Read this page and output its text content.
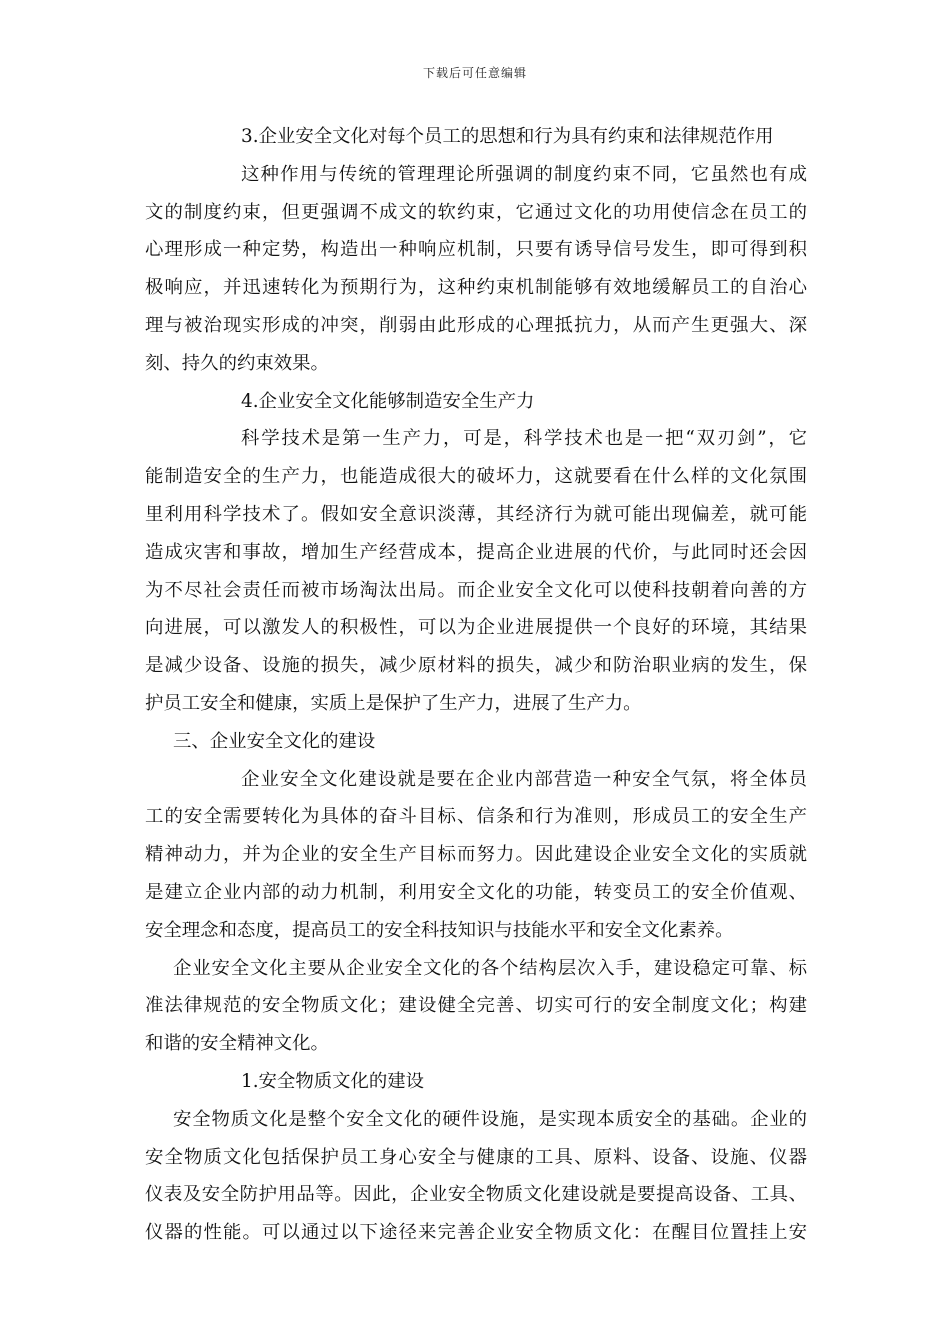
下载后可任意编辑
3.企业安全文化对每个员工的思想和行为具有约束和法律规范作用
这种作用与传统的管理理论所强调的制度约束不同，它虽然也有成
文的制度约束，但更强调不成文的软约束，它通过文化的功用使信念在员工的
心理形成一种定势，构造出一种响应机制，只要有诱导信号发生，即可得到积
极响应，并迅速转化为预期行为，这种约束机制能够有效地缓解员工的自治心
理与被治现实形成的冲突，削弱由此形成的心理抵抗力，从而产生更强大、深
刻、持久的约束效果。
4.企业安全文化能够制造安全生产力
科学技术是第一生产力，可是，科学技术也是一把“双刃剑”，它
能制造安全的生产力，也能造成很大的破坏力，这就要看在什么样的文化氛围
里利用科学技术了。假如安全意识淡薄，其经济行为就可能出现偏差，就可能
造成灾害和事故，增加生产经营成本，提高企业进展的代价，与此同时还会因
为不尽社会责任而被市场淘汰出局。而企业安全文化可以使科技朝着向善的方
向进展，可以激发人的积极性，可以为企业进展提供一个良好的环境，其结果
是减少设备、设施的损失，减少原材料的损失，减少和防治职业病的发生，保
护员工安全和健康，实质上是保护了生产力，进展了生产力。
三、企业安全文化的建设
企业安全文化建设就是要在企业内部营造一种安全气氛，将全体员
工的安全需要转化为具体的奋斗目标、信条和行为准则，形成员工的安全生产
精神动力，并为企业的安全生产目标而努力。因此建设企业安全文化的实质就
是建立企业内部的动力机制，利用安全文化的功能，转变员工的安全价值观、
安全理念和态度，提高员工的安全科技知识与技能水平和安全文化素养。
企业安全文化主要从企业安全文化的各个结构层次入手，建设稳定可靠、标
准法律规范的安全物质文化；建设健全完善、切实可行的安全制度文化；构建
和谐的安全精神文化。
1.安全物质文化的建设
安全物质文化是整个安全文化的硬件设施，是实现本质安全的基础。企业的
安全物质文化包括保护员工身心安全与健康的工具、原料、设备、设施、仪器
仪表及安全防护用品等。因此，企业安全物质文化建设就是要提高设备、工具、
仪器的性能。可以通过以下途径来完善企业安全物质文化：在醒目位置挂上安
